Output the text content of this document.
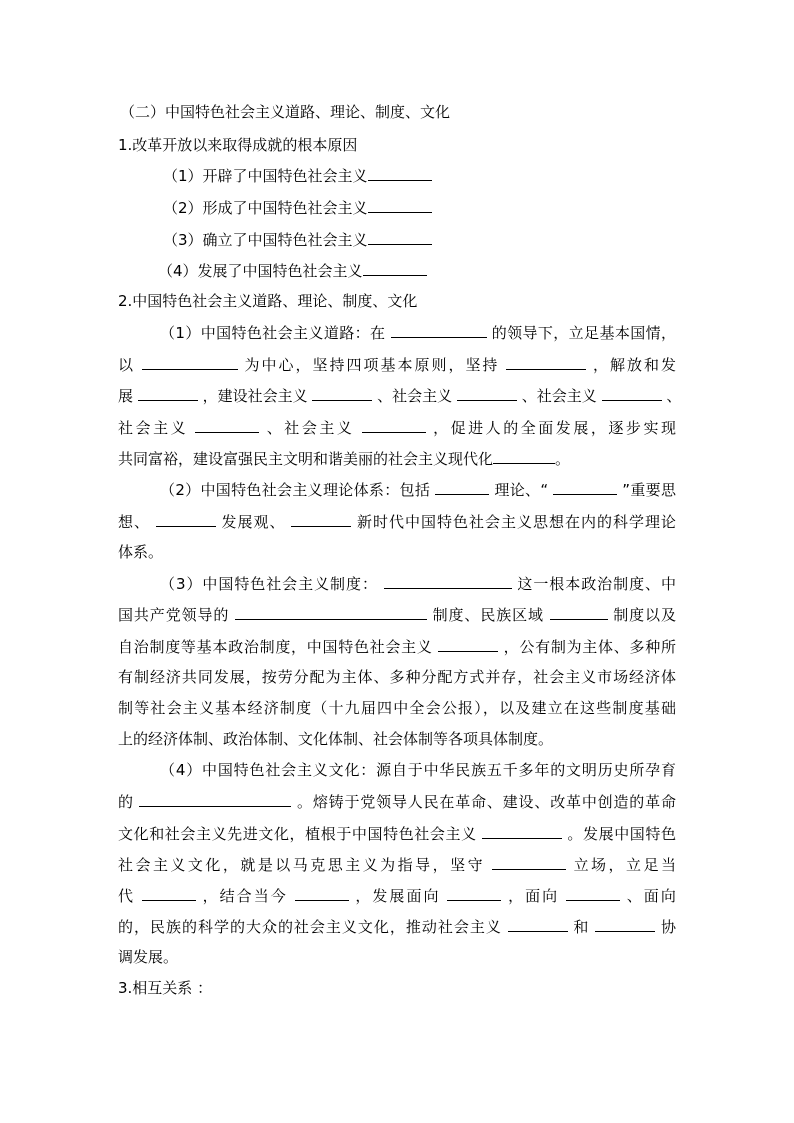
（二）中国特色社会主义道路、理论、制度、文化
1.改革开放以来取得成就的根本原因
（1）开辟了中国特色社会主义
（2）形成了中国特色社会主义
（3）确立了中国特色社会主义
（4）发展了中国特色社会主义
2.中国特色社会主义道路、理论、制度、文化
（1）中国特色社会主义道路：在	的领导下，立足基本国情，
以	为中心，坚持四项基本原则，坚持	，解放和发
展	，建设社会主义	、社会主义	、社会主义	、
社会主义	、社会主义	，促进人的全面发展，逐步实现
共同富裕，建设富强民主文明和谐美丽的社会主义现代化	。
（2）中国特色社会主义理论体系：包括	理论、“	”重要思
想、	发展观、	新时代中国特色社会主义思想在内的科学理论
体系。
（3）中国特色社会主义制度：	这一根本政治制度、中
国共产党领导的	制度、民族区域	制度以及
自治制度等基本政治制度，中国特色社会主义	，公有制为主体、多种所
有制经济共同发展，按劳分配为主体、多种分配方式并存，社会主义市场经济体
制等社会主义基本经济制度（十九届四中全会公报），以及建立在这些制度基础
上的经济体制、政治体制、文化体制、社会体制等各项具体制度。
（4）中国特色社会主义文化：源自于中华民族五千多年的文明历史所孕育
的	。熔铸于党领导人民在革命、建设、改革中创造的革命
文化和社会主义先进文化，植根于中国特色社会主义	。发展中国特色
社会主义文化，就是以马克思主义为指导，坚守	立场，立足当
代	，结合当今	，发展面向	，面向	、面向
的，民族的科学的大众的社会主义文化，推动社会主义	和	协
调发展。
3.相互关系 ：
